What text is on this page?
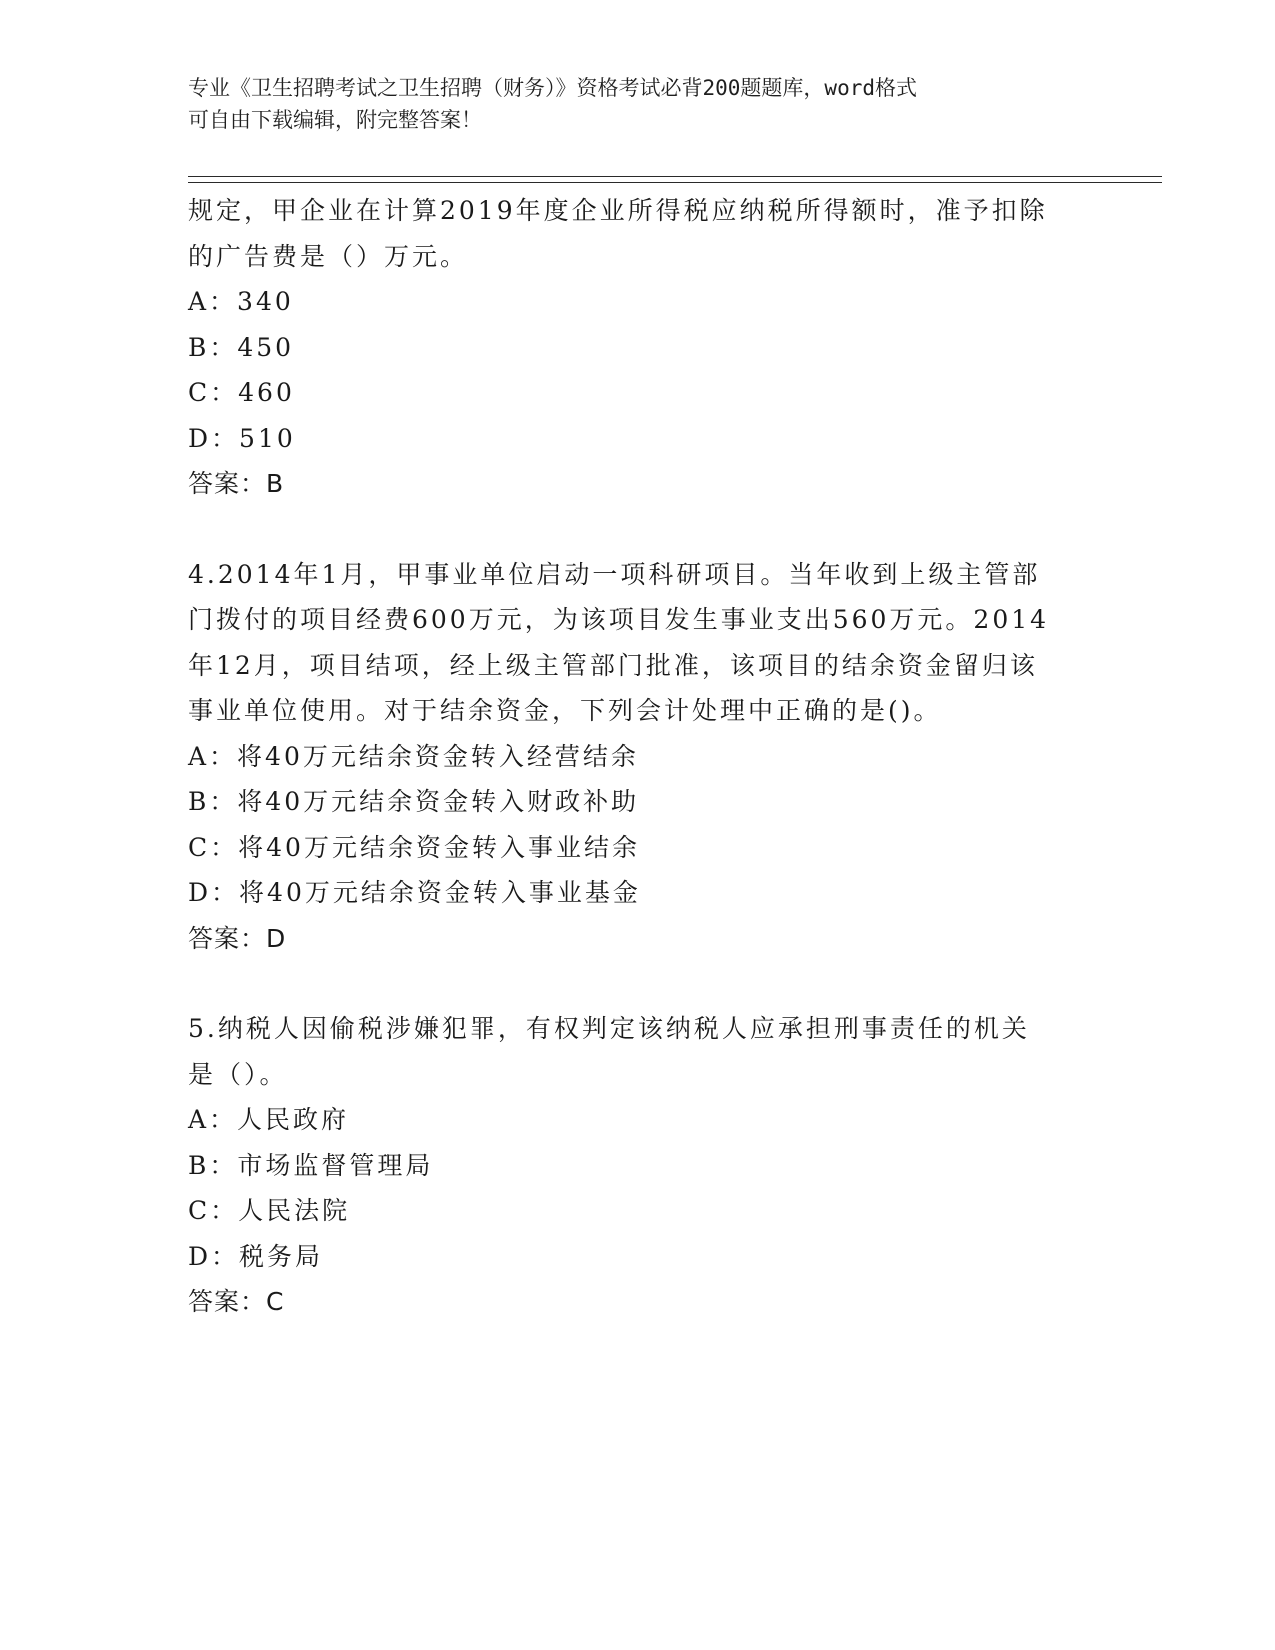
专业《卫生招聘考试之卫生招聘（财务）》资格考试必背200题题库，word格式
可自由下载编辑，附完整答案！

规定，甲企业在计算2019年度企业所得税应纳税所得额时，准予扣除

的广告费是（）万元。

A：340

B：450

C：460

D：510

答案：B

4.2014年1月，甲事业单位启动一项科研项目。当年收到上级主管部

门拨付的项目经费600万元，为该项目发生事业支出560万元。2014

年12月，项目结项，经上级主管部门批准，该项目的结余资金留归该

事业单位使用。对于结余资金，下列会计处理中正确的是()。

A：将40万元结余资金转入经营结余

B：将40万元结余资金转入财政补助

C：将40万元结余资金转入事业结余

D：将40万元结余资金转入事业基金

答案：D

5.纳税人因偷税涉嫌犯罪，有权判定该纳税人应承担刑事责任的机关

是（）。

A：人民政府

B：市场监督管理局

C：人民法院

D：税务局

答案：C
